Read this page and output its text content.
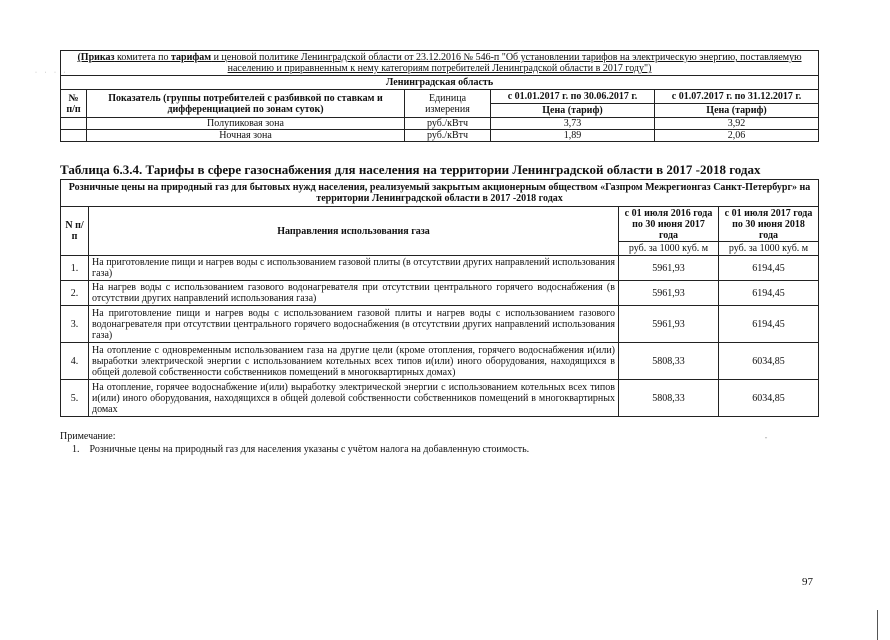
· · · ·
"
(Приказ комитета по тарифам и ценовой политике Ленинградской области от 23.12.2016 № 546-п "Об установлении тарифов на электрическую энергию, поставляемую
населению и приравненным к нему категориям потребителей Ленинградской области в 2017 году")				
Ленинградская область				
№ п/п	Показатель (группы потребителей с разбивкой по ставкам и дифференциацией по зонам суток)	Единица измерения	с 01.01.2017 г. по 30.06.2017 г.	с 01.07.2017 г. по 31.12.2017 г.
			Цена (тариф)	Цена (тариф)
	Полупиковая зона	руб./кВтч	3,73	3,92
	Ночная зона	руб./кВтч	1,89	2,06
Таблица 6.3.4. Тарифы в сфере газоснабжения для населения на территории Ленинградской области в 2017 -2018 годах
Розничные цены на природный газ для бытовых нужд населения, реализуемый закрытым акционерным обществом «Газпром Межрегионгаз Санкт-Петербург» на территории Ленинградской области в 2017 -2018 годах			
N п/п	Направления использования газа	с 01 июля 2016 года по 30 июня 2017 года	с 01 июля 2017 года по 30 июня 2018 года
		руб. за 1000 куб. м	руб. за 1000 куб. м
1.	На приготовление пищи и нагрев воды с использованием газовой плиты (в отсутствии других направлений использования газа)	5961,93	6194,45
2.	На нагрев воды с использованием газового водонагревателя при отсутствии центрального горячего водоснабжения (в отсутствии других направлений использования газа)	5961,93	6194,45
3.	На приготовление пищи и нагрев воды с использованием газовой плиты и нагрев воды с использованием газового водонагревателя при отсутствии центрального горячего водоснабжения (в отсутствии других направлений использования газа)	5961,93	6194,45
4.	На отопление с одновременным использованием газа на другие цели (кроме отопления, горячего водоснабжения и(или) выработки электрической энергии с использованием котельных всех типов и(или) иного оборудования, находящихся в общей долевой собственности собственников помещений в многоквартирных домах)	5808,33	6034,85
5.	На отопление, горячее водоснабжение и(или) выработку электрической энергии с использованием котельных всех типов и(или) иного оборудования, находящихся в общей долевой собственности собственников помещений в многоквартирных домах	5808,33	6034,85
Примечание:
1. Розничные цены на природный газ для населения указаны с учётом налога на добавленную стоимость.
97
